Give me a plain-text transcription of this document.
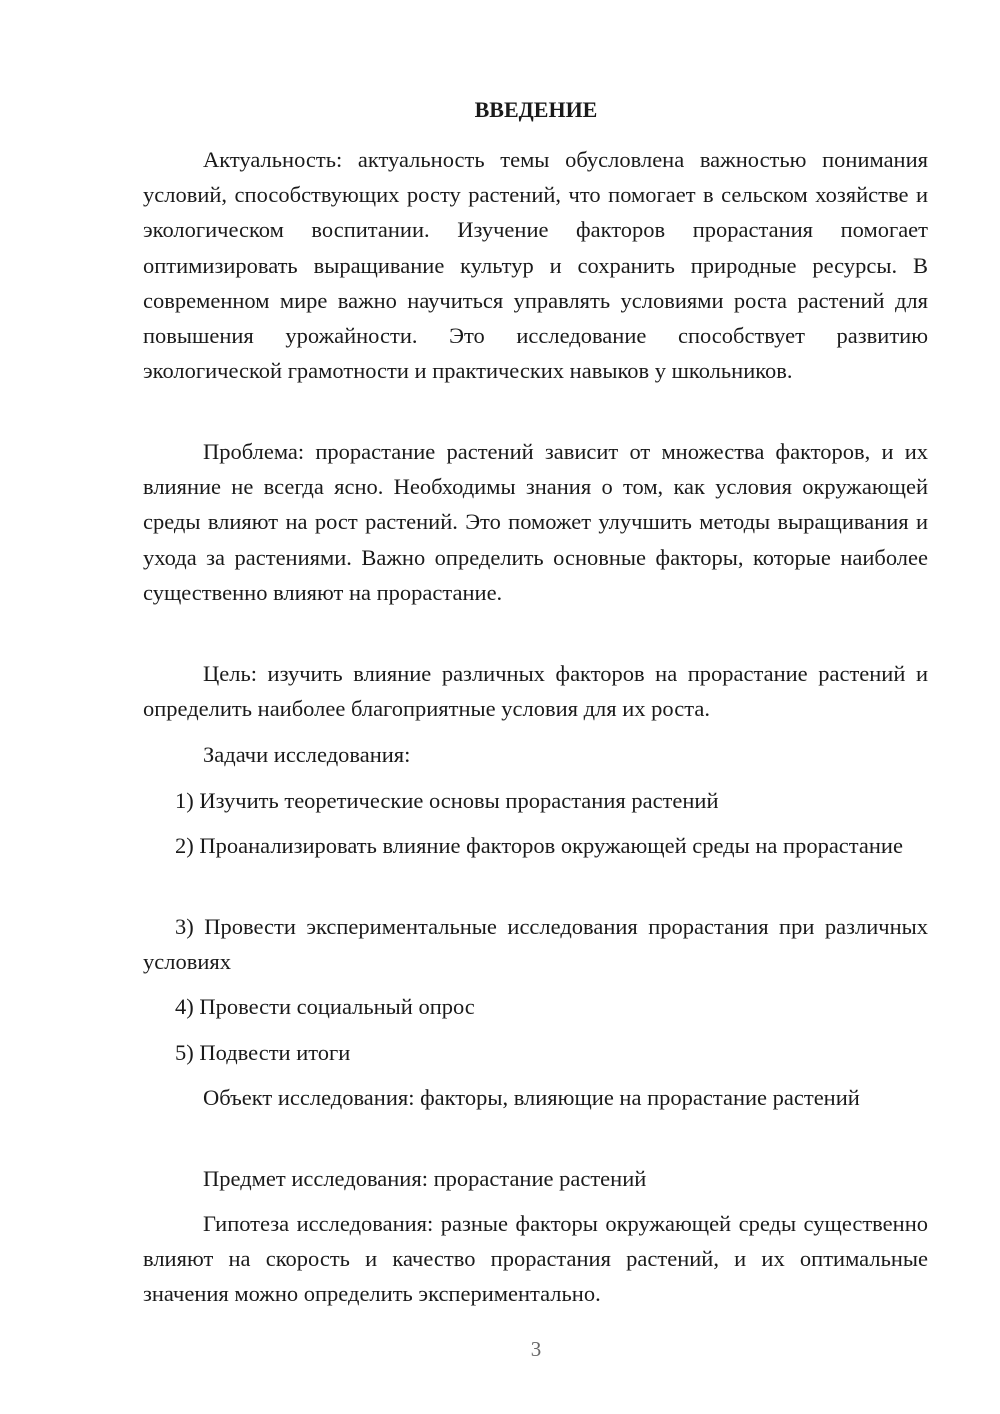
ВВЕДЕНИЕ

Актуальность: актуальность темы обусловлена важностью понимания условий, способствующих росту растений, что помогает в сельском хозяйстве и экологическом воспитании. Изучение факторов прорастания помогает оптимизировать выращивание культур и сохранить природные ресурсы. В современном мире важно научиться управлять условиями роста растений для повышения урожайности. Это исследование способствует развитию экологической грамотности и практических навыков у школьников.

Проблема: прорастание растений зависит от множества факторов, и их влияние не всегда ясно. Необходимы знания о том, как условия окружающей среды влияют на рост растений. Это поможет улучшить методы выращивания и ухода за растениями. Важно определить основные факторы, которые наиболее существенно влияют на прорастание.

Цель: изучить влияние различных факторов на прорастание растений и определить наиболее благоприятные условия для их роста.

Задачи исследования:

1) Изучить теоретические основы прорастания растений

2) Проанализировать влияние факторов окружающей среды на прорастание

3) Провести экспериментальные исследования прорастания при различных условиях

4) Провести социальный опрос

5) Подвести итоги

Объект исследования: факторы, влияющие на прорастание растений

Предмет исследования: прорастание растений

Гипотеза исследования: разные факторы окружающей среды существенно влияют на скорость и качество прорастания растений, и их оптимальные значения можно определить экспериментально.

3
